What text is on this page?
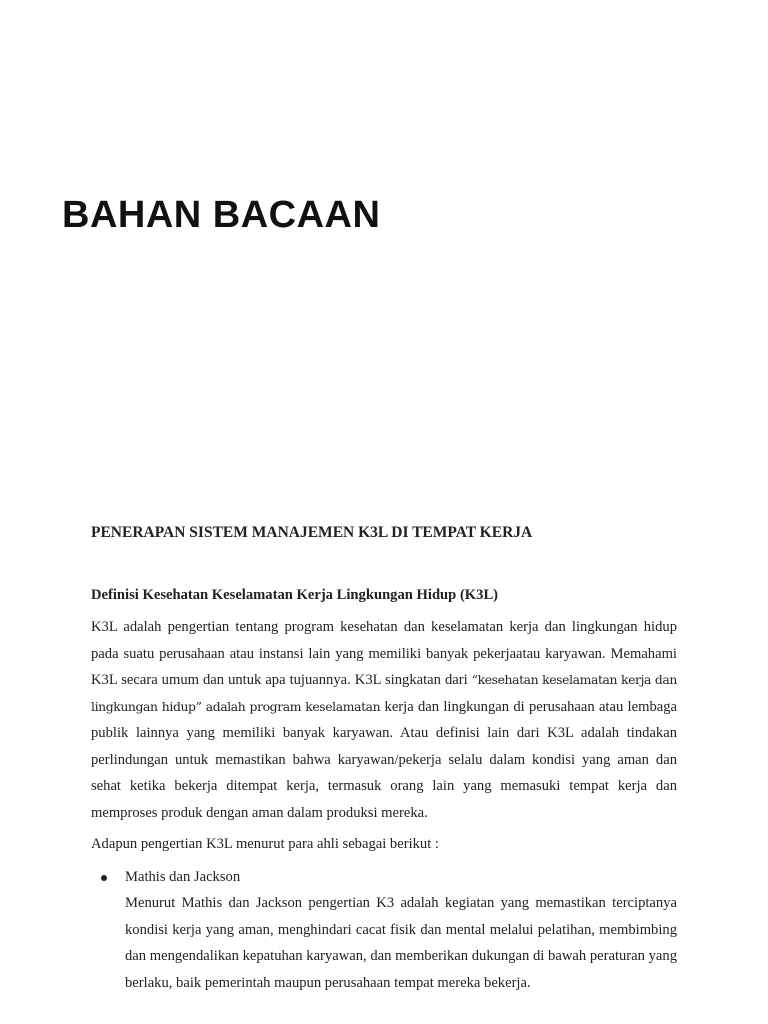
BAHAN BACAAN
PENERAPAN SISTEM MANAJEMEN K3L DI TEMPAT KERJA
Definisi Kesehatan Keselamatan Kerja Lingkungan Hidup (K3L)

K3L adalah pengertian tentang program kesehatan dan keselamatan kerja dan lingkungan hidup pada suatu perusahaan atau instansi lain yang memiliki banyak pekerjaatau karyawan. Memahami K3L secara umum dan untuk apa tujuannya. K3L singkatan dari “kesehatan keselamatan kerja dan lingkungan hidup” adalah program keselamatan kerja dan lingkungan di perusahaan atau lembaga publik lainnya yang memiliki banyak karyawan. Atau definisi lain dari K3L adalah tindakan perlindungan untuk memastikan bahwa karyawan/pekerja selalu dalam kondisi yang aman dan sehat ketika bekerja ditempat kerja, termasuk orang lain yang memasuki tempat kerja dan memproses produk dengan aman dalam produksi mereka.

Adapun pengertian K3L menurut para ahli sebagai berikut :

Mathis dan Jackson
Menurut Mathis dan Jackson pengertian K3 adalah kegiatan yang memastikan terciptanya kondisi kerja yang aman, menghindari cacat fisik dan mental melalui pelatihan, membimbing dan mengendalikan kepatuhan karyawan, dan memberikan dukungan di bawah peraturan yang berlaku, baik pemerintah maupun perusahaan tempat mereka bekerja.
